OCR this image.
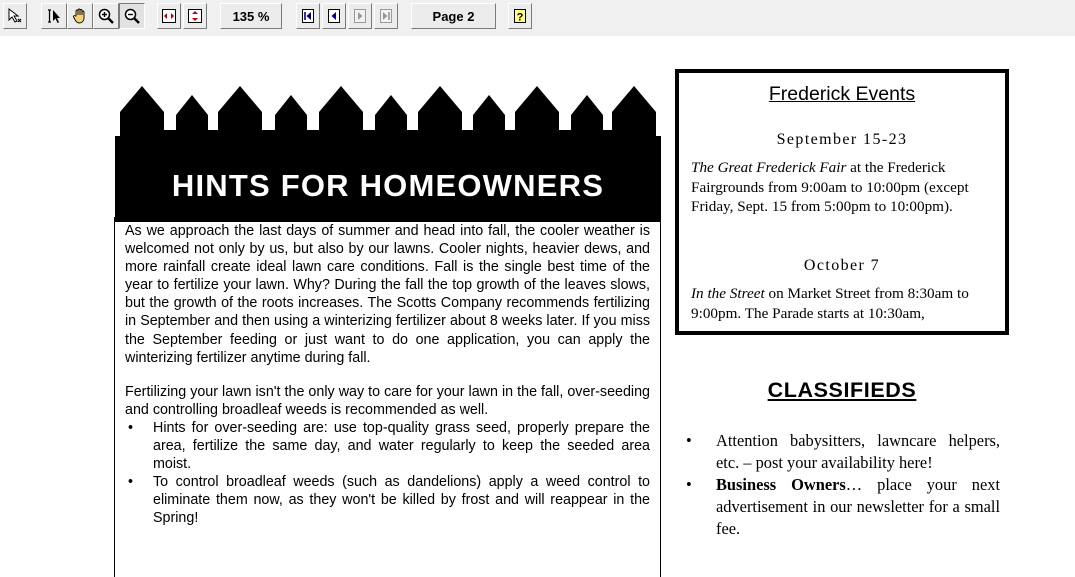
135 %	Page 2	?
HINTS FOR HOMEOWNERS

As we approach the last days of summer and head into fall, the cooler weather is welcomed not only by us, but also by our lawns. Cooler nights, heavier dews, and more rainfall create ideal lawn care conditions. Fall is the single best time of the year to fertilize your lawn. Why? During the fall the top growth of the leaves slows, but the growth of the roots increases. The Scotts Company recommends fertilizing in September and then using a winterizing fertilizer about 8 weeks later. If you miss the September feeding or just want to do one application, you can apply the winterizing fertilizer anytime during fall.

Fertilizing your lawn isn't the only way to care for your lawn in the fall, over-seeding and controlling broadleaf weeds is recommended as well.

• Hints for over-seeding are: use top-quality grass seed, properly prepare the area, fertilize the same day, and water regularly to keep the seeded area moist.
• To control broadleaf weeds (such as dandelions) apply a weed control to eliminate them now, as they won't be killed by frost and will reappear in the Spring!
Frederick Events
September 15-23
The Great Frederick Fair at the Frederick Fairgrounds from 9:00am to 10:00pm (except Friday, Sept. 15 from 5:00pm to 10:00pm).
October 7
In the Street on Market Street from 8:30am to 9:00pm. The Parade starts at 10:30am,
CLASSIFIEDS
• Attention babysitters, lawncare helpers, etc. – post your availability here!
• Business Owners… place your next advertisement in our newsletter for a small fee.
